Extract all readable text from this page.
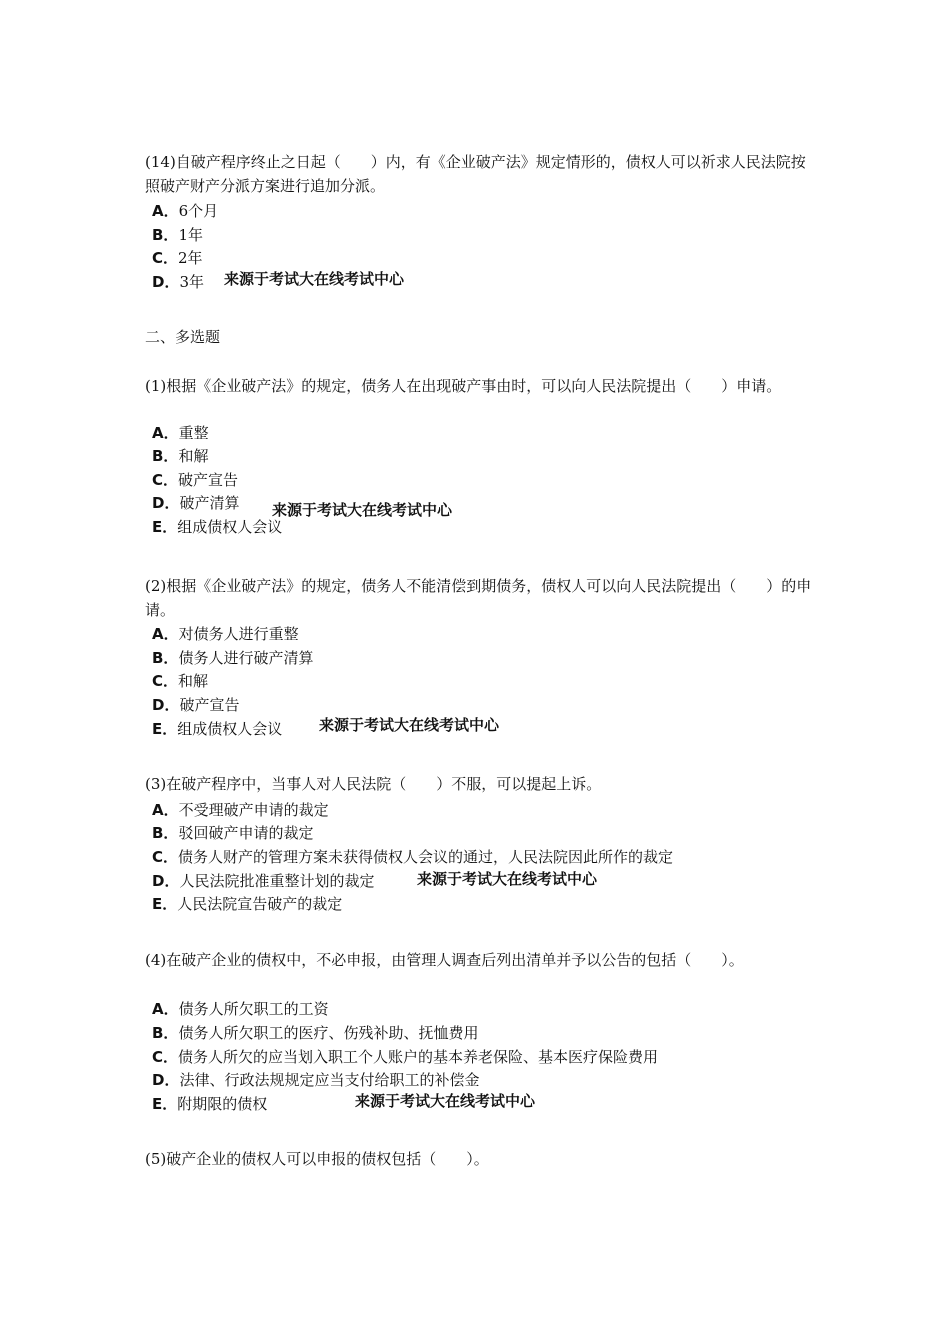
(14)自破产程序终止之日起（　　）内，有《企业破产法》规定情形的，债权人可以祈求人民法院按照破产财产分派方案进行追加分派。
A．6个月
B．1年
C．2年
D．3年 来源于考试大在线考试中心
二、多选题
(1)根据《企业破产法》的规定，债务人在出现破产事由时，可以向人民法院提出（　　）申请。
A．重整
B．和解
C．破产宣告
D．破产清算
E．组成债权人会议
来源于考试大在线考试中心
(2)根据《企业破产法》的规定，债务人不能清偿到期债务，债权人可以向人民法院提出（　　）的申请。
A．对债务人进行重整
B．债务人进行破产清算
C．和解
D．破产宣告
E．组成债权人会议 来源于考试大在线考试中心
(3)在破产程序中，当事人对人民法院（　　）不服，可以提起上诉。
A．不受理破产申请的裁定
B．驳回破产申请的裁定
C．债务人财产的管理方案未获得债权人会议的通过，人民法院因此所作的裁定
D．人民法院批准重整计划的裁定
E．人民法院宣告破产的裁定
来源于考试大在线考试中心
(4)在破产企业的债权中，不必申报，由管理人调查后列出清单并予以公告的包括（　　）。
A．债务人所欠职工的工资
B．债务人所欠职工的医疗、伤残补助、抚恤费用
C．债务人所欠的应当划入职工个人账户的基本养老保险、基本医疗保险费用
D．法律、行政法规规定应当支付给职工的补偿金
E．附期限的债权	来源于考试大在线考试中心
(5)破产企业的债权人可以申报的债权包括（　　）。
